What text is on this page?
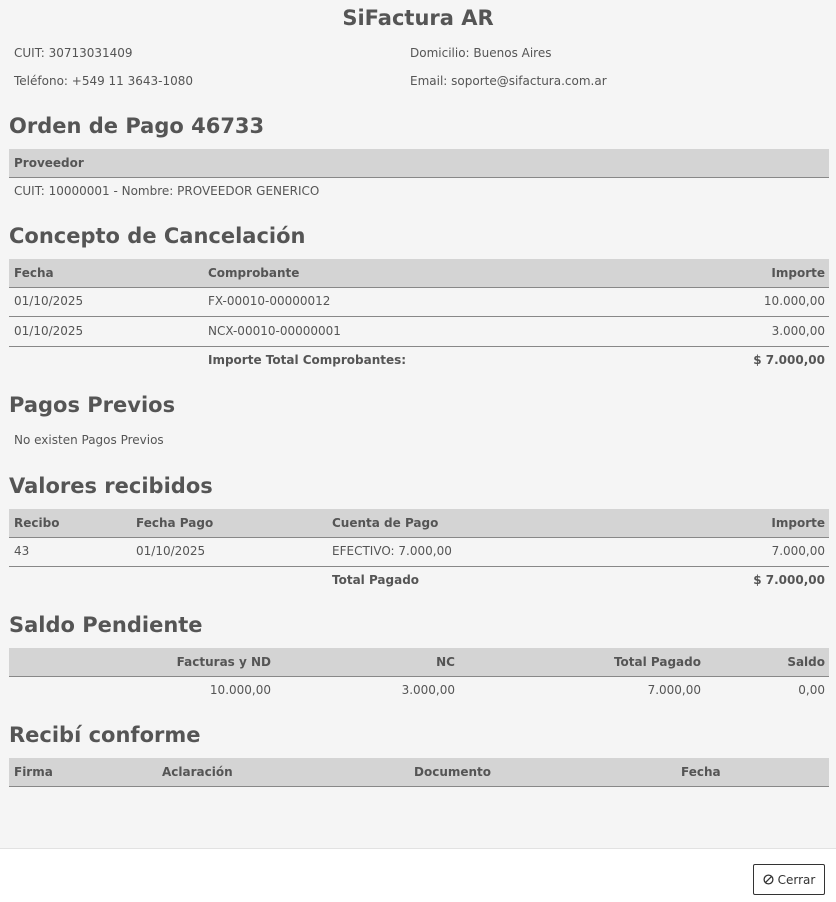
SiFactura AR
CUIT: 30713031409	Domicilio: Buenos Aires
Teléfono: +549 11 3643-1080	Email: soporte@sifactura.com.ar
Orden de Pago 46733
Proveedor
CUIT: 10000001 - Nombre: PROVEEDOR GENERICO
Concepto de Cancelación
Fecha	Comprobante	Importe
01/10/2025	FX-00010-00000012	10.000,00
01/10/2025	NCX-00010-00000001	3.000,00
Importe Total Comprobantes:	$ 7.000,00
Pagos Previos
No existen Pagos Previos
Valores recibidos
Recibo	Fecha Pago	Cuenta de Pago	Importe
43	01/10/2025	EFECTIVO: 7.000,00	7.000,00
Total Pagado	$ 7.000,00
Saldo Pendiente
Facturas y ND	NC	Total Pagado	Saldo
10.000,00	3.000,00	7.000,00	0,00
Recibí conforme
Firma	Aclaración	Documento	Fecha
Cerrar
